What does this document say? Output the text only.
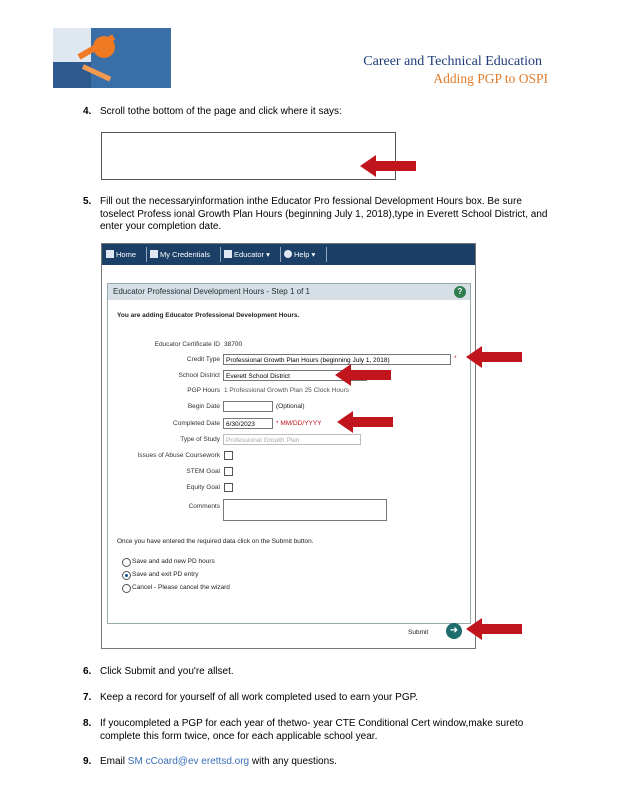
Career and Technical Education
Adding PGP to OSPI
4. Scroll tothe bottom of the page and click where it says:
5. Fill out the necessaryinformation inthe Educator Pro fessional Development Hours box. Be sure toselect Profess ional Growth Plan Hours (beginning July 1, 2018),type in Everett School District, and enter your completion date.
Home	My Credentials	Educator ▾	Help ▾
Educator Professional Development Hours - Step 1 of 1	?
You are adding Educator Professional Development Hours.
Educator Certificate ID 38700
Credit Type Professional Growth Plan Hours (beginning July 1, 2018)	*
School District Everett School District
PGP Hours 1 Professional Growth Plan 25 Clock Hours
Begin Date	(Optional)
Completed Date 6/30/2023	* MM/DD/YYYY
Type of Study Professional Growth Plan
Issues of Abuse Coursework
STEM Goal
Equity Goal
Comments
Once you have entered the required data click on the Submit button.
Save and add new PD hours
Save and exit PD entry
Cancel - Please cancel the wizard
Submit	➜
6. Click Submit and you're allset.
7. Keep a record for yourself of all work completed used to earn your PGP.
8. If youcompleted a PGP for each year of thetwo- year CTE Conditional Cert window,make sureto complete this form twice, once for each applicable school year.
9. Email SM cCoard@ev erettsd.org with any questions.
